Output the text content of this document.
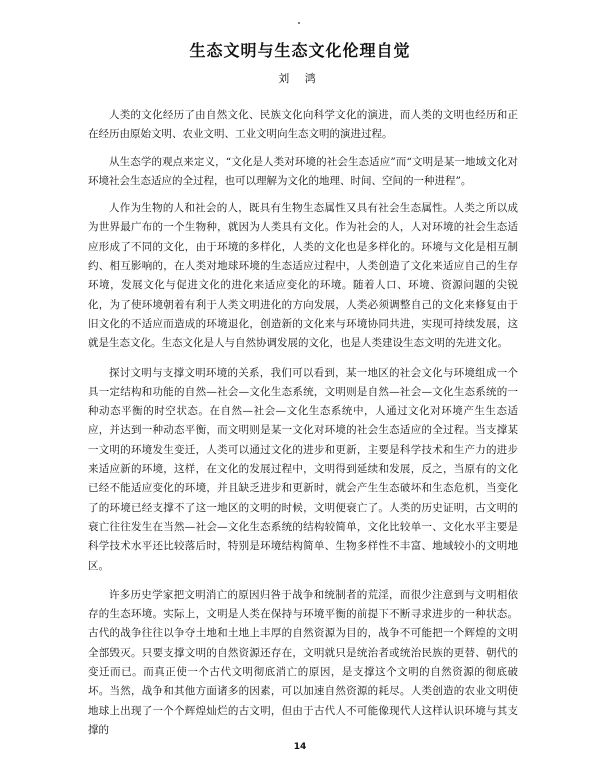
生态文明与生态文化伦理自觉
刘 鸿

人类的文化经历了由自然文化、民族文化向科学文化的演进，而人类的文明也经历和正在经历由原始文明、农业文明、工业文明向生态文明的演进过程。

从生态学的观点来定义，“文化是人类对环境的社会生态适应”而“文明是某一地域文化对环境社会生态适应的全过程，也可以理解为文化的地理、时间、空间的一种进程”。

人作为生物的人和社会的人，既具有生物生态属性又具有社会生态属性。人类之所以成为世界最广布的一个生物种，就因为人类具有文化。作为社会的人，人对环境的社会生态适应形成了不同的文化，由于环境的多样化，人类的文化也是多样化的。环境与文化是相互制约、相互影响的，在人类对地球环境的生态适应过程中，人类创造了文化来适应自己的生存环境，发展文化与促进文化的进化来适应变化的环境。随着人口、环境、资源问题的尖锐化，为了使环境朝着有利于人类文明进化的方向发展，人类必须调整自己的文化来修复由于旧文化的不适应而造成的环境退化，创造新的文化来与环境协同共进，实现可持续发展，这就是生态文化。生态文化是人与自然协调发展的文化，也是人类建设生态文明的先进文化。

探讨文明与支撑文明环境的关系，我们可以看到，某一地区的社会文化与环境组成一个具一定结构和功能的自然—社会—文化生态系统，文明则是自然—社会—文化生态系统的一种动态平衡的时空状态。在自然—社会—文化生态系统中，人通过文化对环境产生生态适应，并达到一种动态平衡，而文明则是某一文化对环境的社会生态适应的全过程。当支撑某一文明的环境发生变迁，人类可以通过文化的进步和更新，主要是科学技术和生产力的进步来适应新的环境，这样，在文化的发展过程中，文明得到延续和发展，反之，当原有的文化已经不能适应变化的环境，并且缺乏进步和更新时，就会产生生态破坏和生态危机，当变化了的环境已经支撑不了这一地区的文明的时候，文明便衰亡了。人类的历史证明，古文明的衰亡往往发生在当然—社会—文化生态系统的结构较简单，文化比较单一、文化水平主要是科学技术水平还比较落后时，特别是环境结构简单、生物多样性不丰富、地域较小的文明地区。

许多历史学家把文明消亡的原因归咎于战争和统制者的荒淫，而很少注意到与文明相依存的生态环境。实际上，文明是人类在保持与环境平衡的前提下不断寻求进步的一种状态。古代的战争往往以争夺土地和土地上丰厚的自然资源为目的，战争不可能把一个辉煌的文明全部毁灭。只要支撑文明的自然资源还存在，文明就只是统治者或统治民族的更替、朝代的变迁而已。而真正使一个古代文明彻底消亡的原因，是支撑这个文明的自然资源的彻底破坏。当然，战争和其他方面诸多的因素，可以加速自然资源的耗尽。人类创造的农业文明使地球上出现了一个个辉煌灿烂的古文明，但由于古代人不可能像现代人这样认识环境与其支撑的

14
